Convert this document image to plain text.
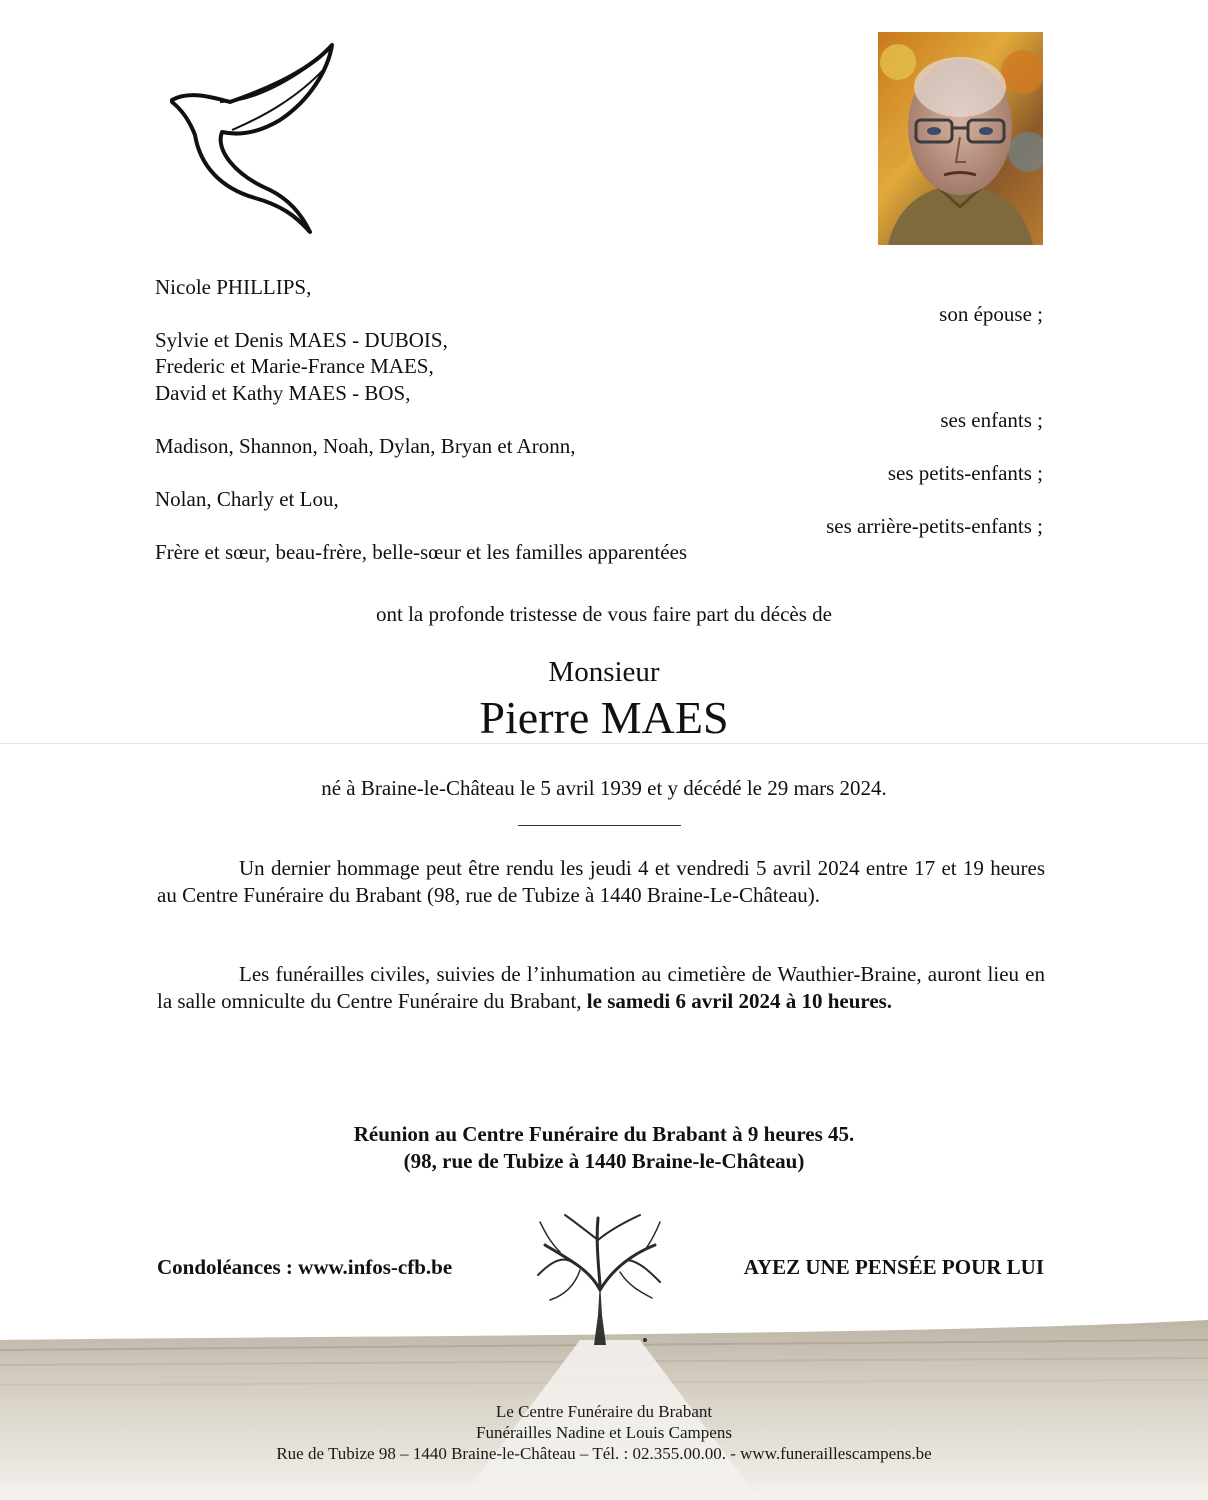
Nicole PHILLIPS,
son épouse ;
Sylvie et Denis MAES - DUBOIS,
Frederic et Marie-France MAES,
David et Kathy MAES - BOS,
ses enfants ;
Madison, Shannon, Noah, Dylan, Bryan et Aronn,
ses petits-enfants ;
Nolan, Charly et Lou,
ses arrière-petits-enfants ;
Frère et sœur, beau-frère, belle-sœur et les familles apparentées
ont la profonde tristesse de vous faire part du décès de
Monsieur
Pierre MAES
né à Braine-le-Château le 5 avril 1939 et y décédé le 29 mars 2024.
Un dernier hommage peut être rendu les jeudi 4 et vendredi 5 avril 2024 entre 17 et 19 heures au Centre Funéraire du Brabant (98, rue de Tubize à 1440 Braine-Le-Château).
Les funérailles civiles, suivies de l’inhumation au cimetière de Wauthier-Braine, auront lieu en la salle omniculte du Centre Funéraire du Brabant, le samedi 6 avril 2024 à 10 heures.
Réunion au Centre Funéraire du Brabant à 9 heures 45.
(98, rue de Tubize à 1440 Braine-le-Château)
Condoléances : www.infos-cfb.be	AYEZ UNE PENSÉE POUR LUI
Le Centre Funéraire du Brabant
Funérailles Nadine et Louis Campens
Rue de Tubize 98 – 1440 Braine-le-Château – Tél. : 02.355.00.00. - www.funeraillescampens.be
